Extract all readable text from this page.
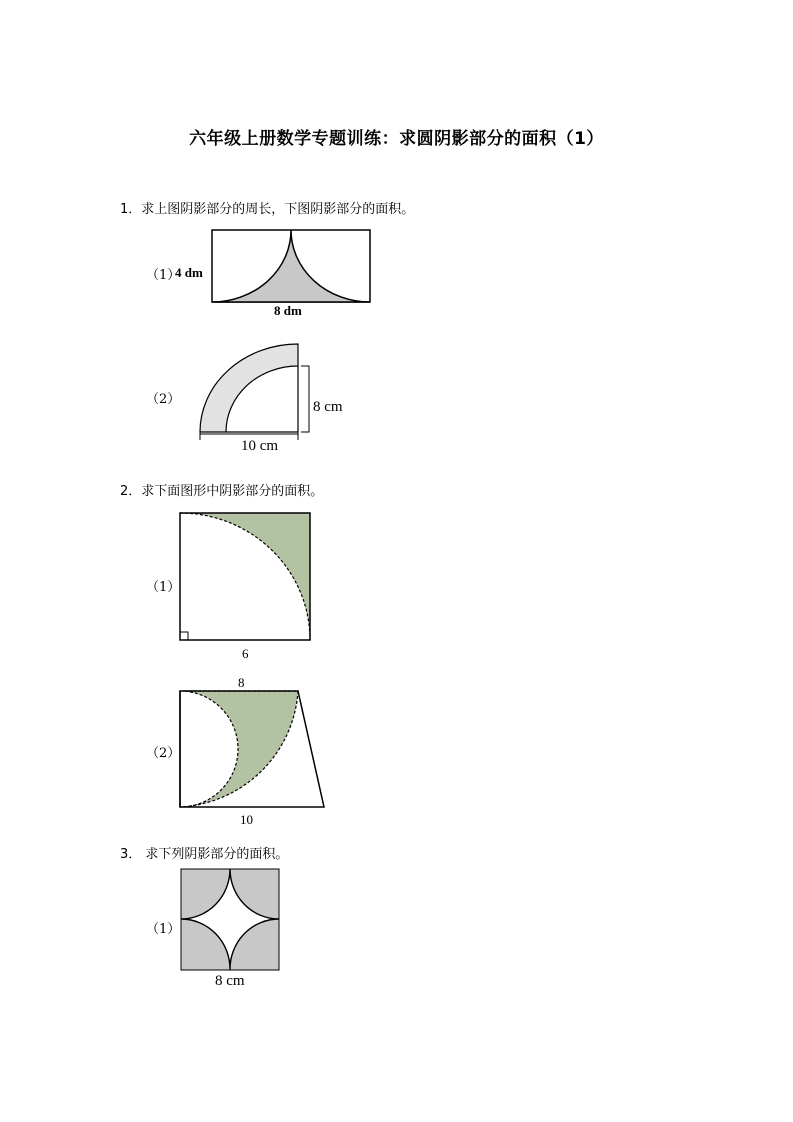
六年级上册数学专题训练：求圆阴影部分的面积（1）
1．求上图阴影部分的周长，下图阴影部分的面积。
（1）
4 dm
8 dm
（2）	8 cm
10 cm
2．求下面图形中阴影部分的面积。
（1）
6
8
（2）
10
3． 求下列阴影部分的面积。
（1）
8 cm
